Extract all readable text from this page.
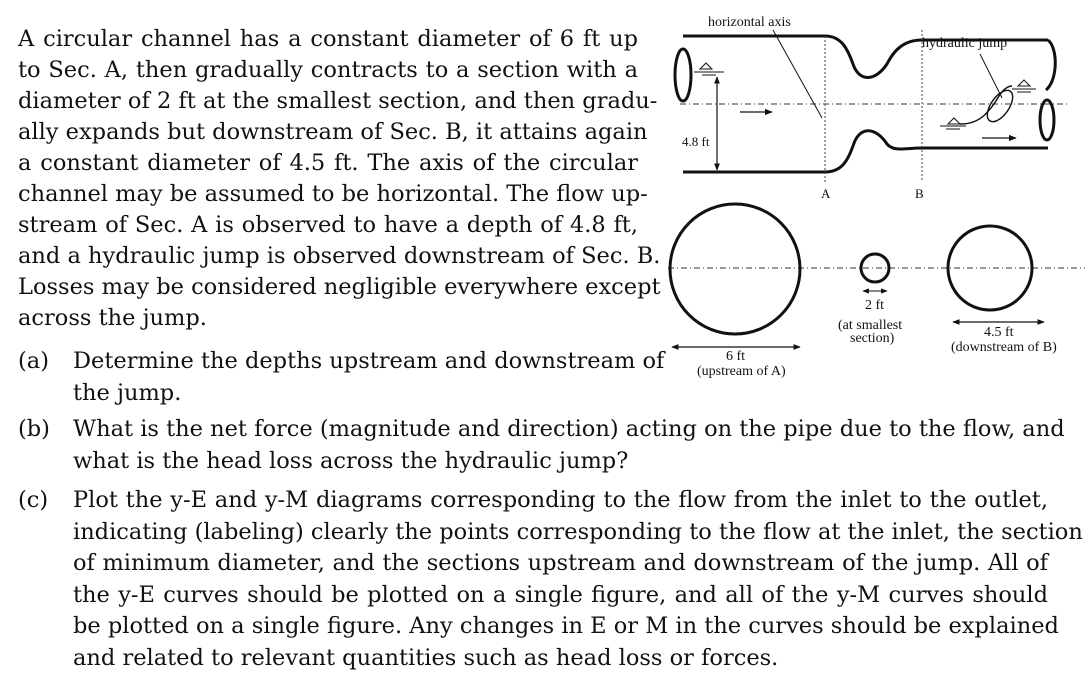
A circular channel has a constant diameter of 6 ft up
to Sec. A, then gradually contracts to a section with a
diameter of 2 ft at the smallest section, and then gradu-
ally expands but downstream of Sec. B, it attains again
a constant diameter of 4.5 ft. The axis of the circular
channel may be assumed to be horizontal. The flow up-
stream of Sec. A is observed to have a depth of 4.8 ft,
and a hydraulic jump is observed downstream of Sec. B.
Losses may be considered negligible everywhere except
across the jump.
(a) Determine the depths upstream and downstream of
the jump.
(b) What is the net force (magnitude and direction) acting on the pipe due to the flow, and
what is the head loss across the hydraulic jump?
(c) Plot the y-E and y-M diagrams corresponding to the flow from the inlet to the outlet,
indicating (labeling) clearly the points corresponding to the flow at the inlet, the section
of minimum diameter, and the sections upstream and downstream of the jump. All of
the y-E curves should be plotted on a single figure, and all of the y-M curves should
be plotted on a single figure. Any changes in E or M in the curves should be explained
and related to relevant quantities such as head loss or forces.
4.8 ft
horizontal axis
hydraulic jump
A	B
6 ft
(upstream of A)
2 ft
(at smallest
section)	4.5 ft
(downstream of B)
